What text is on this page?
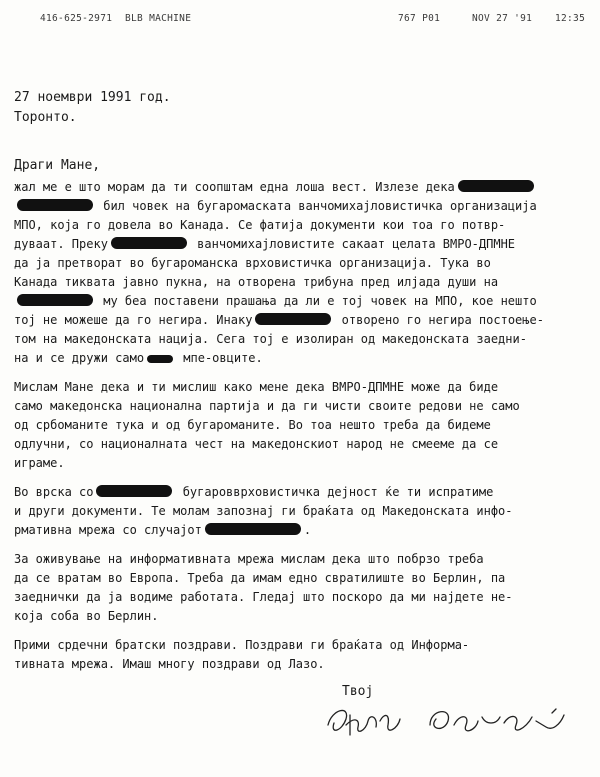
416-625-2971 BLB MACHINE	767 P01	NOV 27 '91 12:35
27 ноември 1991 год.
Торонто.
Драги Мане,
жал ме е што морам да ти соопштам една лоша вест. Излезе дека
бил човек на бугаромаската ванчомихајловистичка организација
МПО, која го довела во Канада. Се фатија документи кои тоа го потвр-
дуваат. Преку	ванчомихајловистите сакаат целата ВМРО-ДПМНЕ
да ја претворат во бугароманска врховистичка организација. Тука во
Канада тиквата јавно пукна, на отворена трибуна пред илјада души на
му беа поставени прашања да ли е тој човек на МПО, кое нешто
тој не можеше да го негира. Инаку	отворено го негира постоење-
том на македонската нација. Сега тој е изолиран од македонската заедни-
на и се дружи само	мпе-овците.
Мислам Мане дека и ти мислиш како мене дека ВМРО-ДПМНЕ може да биде
само македонска национална партија и да ги чисти своите редови не само
од србоманите тука и од бугароманите. Во тоа нешто треба да бидеме
одлучни, со националната чест на македонскиот народ не смееме да се
играме.
Во врска со	бугаровврховистичка дејност ќе ти испратиме
и други документи. Те молам запознај ги браќата од Македонската инфо-
рмативна мрежа со случајот	.
За оживување на информативната мрежа мислам дека што побрзо треба
да се вратам во Европа. Треба да имам едно свратилиште во Берлин, па
заеднички да ја водиме работата. Гледај што поскоро да ми најдете не-
која соба во Берлин.
Прими срдечни братски поздрави. Поздрави ги браќата од Информа-
тивната мрежа. Имаш многу поздрави од Лазо.
Твој
